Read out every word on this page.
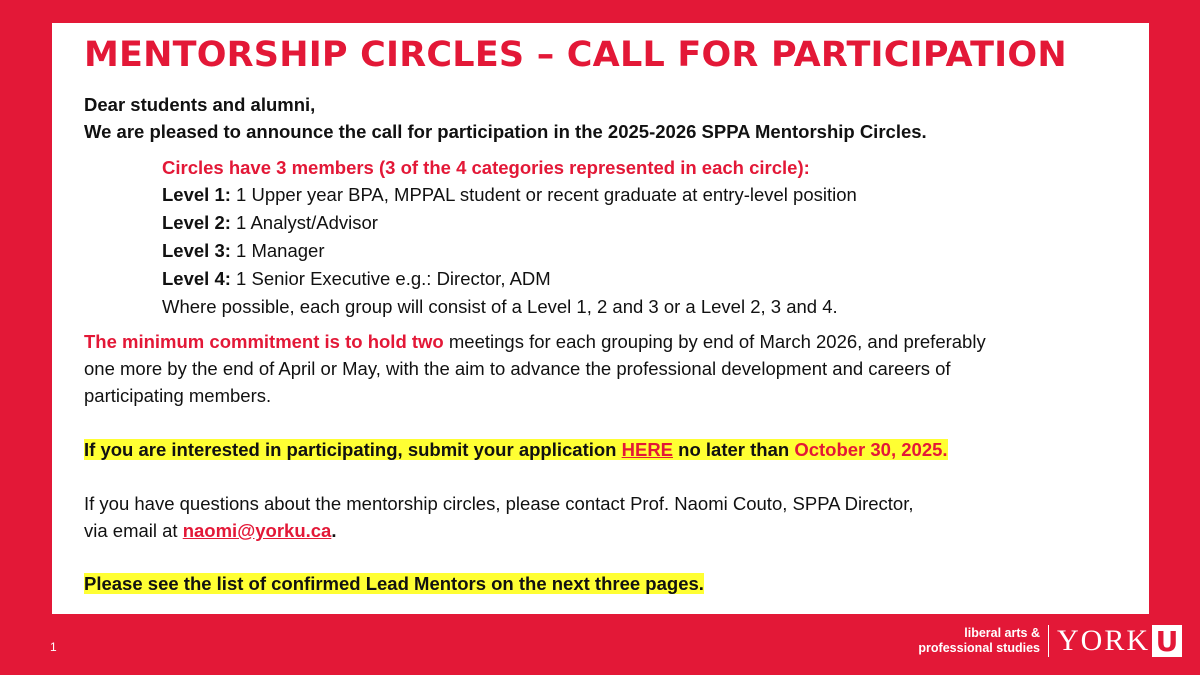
MENTORSHIP CIRCLES – CALL FOR PARTICIPATION
Dear students and alumni,
We are pleased to announce the call for participation in the 2025-2026 SPPA Mentorship Circles.
Circles have 3 members (3 of the 4 categories represented in each circle):
Level 1: 1 Upper year BPA, MPPAL student or recent graduate at entry-level position
Level 2: 1 Analyst/Advisor
Level 3: 1 Manager
Level 4: 1 Senior Executive e.g.: Director, ADM
Where possible, each group will consist of a Level 1, 2 and 3 or a Level 2, 3 and 4.
The minimum commitment is to hold two meetings for each grouping by end of March 2026, and preferably
one more by the end of April or May, with the aim to advance the professional development and careers of
participating members.
If you are interested in participating, submit your application HERE no later than October 30, 2025.
If you have questions about the mentorship circles, please contact Prof. Naomi Couto, SPPA Director,
via email at naomi@yorku.ca.
Please see the list of confirmed Lead Mentors on the next three pages.
1
liberal arts &
professional studies YORK U
